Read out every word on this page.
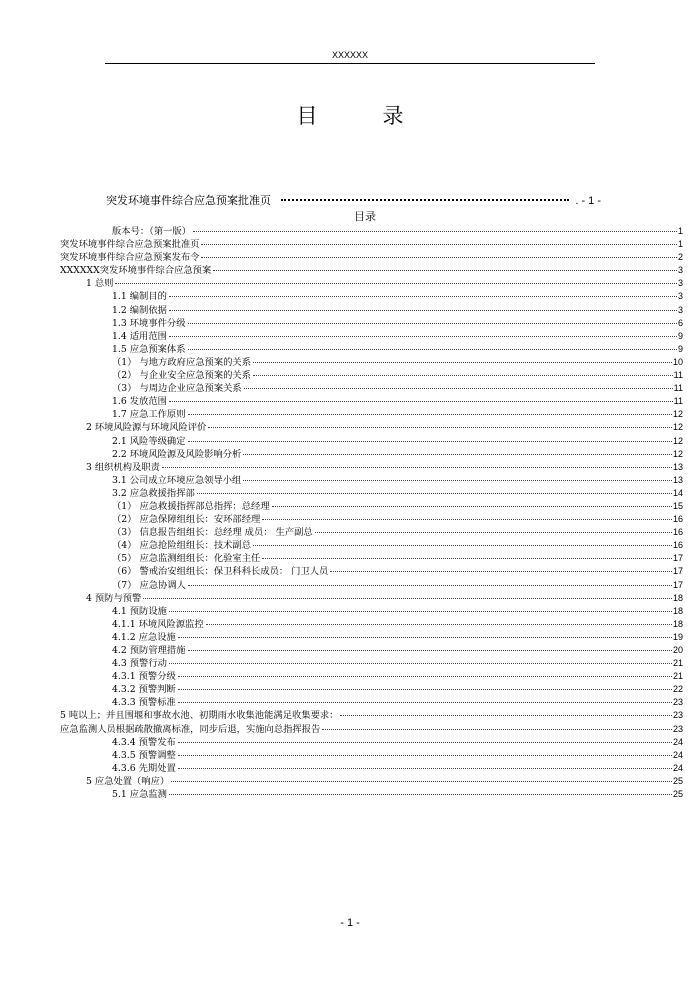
XXXXXX
目　录
突发环境事件综合应急预案批准页	. - 1 -
目录
版本号：（第一版）	1
突发环境事件综合应急预案批准页	1
突发环境事件综合应急预案发布令	2
XXXXXX突发环境事件综合应急预案	3
1 总则	3
1.1 编制目的	3
1.2 编制依据	3
1.3 环境事件分级	6
1.4 适用范围	9
1.5 应急预案体系	9
（1） 与地方政府应急预案的关系	10
（2） 与企业安全应急预案的关系	11
（3） 与周边企业应急预案关系	11
1.6 发放范围	11
1.7 应急工作原则	12
2 环境风险源与环境风险评价	12
2.1 风险等级确定	12
2.2 环境风险源及风险影响分析	12
3 组织机构及职责	13
3.1 公司成立环境应急领导小组	13
3.2 应急救援指挥部	14
（1） 应急救援指挥部总指挥：总经理	15
（2） 应急保障组组长：安环部经理	16
（3） 信息报告组组长：总经理 成员： 生产副总	16
（4） 应急抢险组组长：技术副总	16
（5） 应急监测组组长：化验室主任	17
（6） 警戒治安组组长：保卫科科长成员： 门卫人员	17
（7） 应急协调人	17
4 预防与预警	18
4.1 预防设施	18
4.1.1 环境风险源监控	18
4.1.2 应急设施	19
4.2 预防管理措施	20
4.3 预警行动	21
4.3.1 预警分级	21
4.3.2 预警判断	22
4.3.3 预警标准	23
5 吨以上；并且围堰和事故水池、初期雨水收集池能满足收集要求：	23
应急监测人员根据疏散撤离标准，同步后退，实施向总指挥报告	23
4.3.4 预警发布	24
4.3.5 预警调整	24
4.3.6 先期处置	24
5 应急处置（响应）	25
5.1 应急监测	25
- 1 -
